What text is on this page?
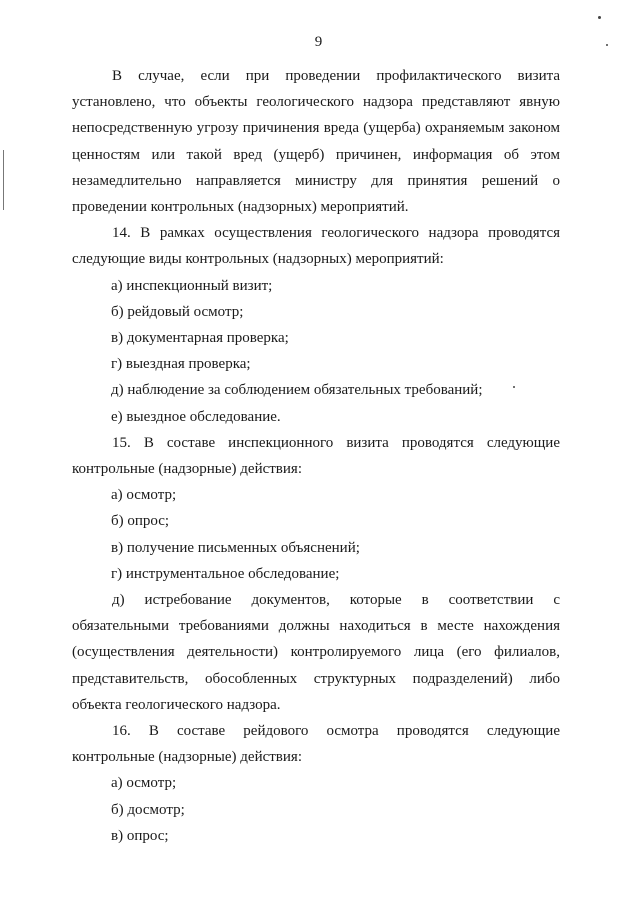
9

В случае, если при проведении профилактического визита установлено, что объекты геологического надзора представляют явную непосредственную угрозу причинения вреда (ущерба) охраняемым законом ценностям или такой вред (ущерб) причинен, информация об этом незамедлительно направляется министру для принятия решений о проведении контрольных (надзорных) мероприятий.

14. В рамках осуществления геологического надзора проводятся следующие виды контрольных (надзорных) мероприятий:

а) инспекционный визит;

б) рейдовый осмотр;

в) документарная проверка;

г) выездная проверка;

д) наблюдение за соблюдением обязательных требований;

е) выездное обследование.

15. В составе инспекционного визита проводятся следующие контрольные (надзорные) действия:

а) осмотр;

б) опрос;

в) получение письменных объяснений;

г) инструментальное обследование;

д) истребование документов, которые в соответствии с обязательными требованиями должны находиться в месте нахождения (осуществления деятельности) контролируемого лица (его филиалов, представительств, обособленных структурных подразделений) либо объекта геологического надзора.

16. В составе рейдового осмотра проводятся следующие контрольные (надзорные) действия:

а) осмотр;

б) досмотр;

в) опрос;
